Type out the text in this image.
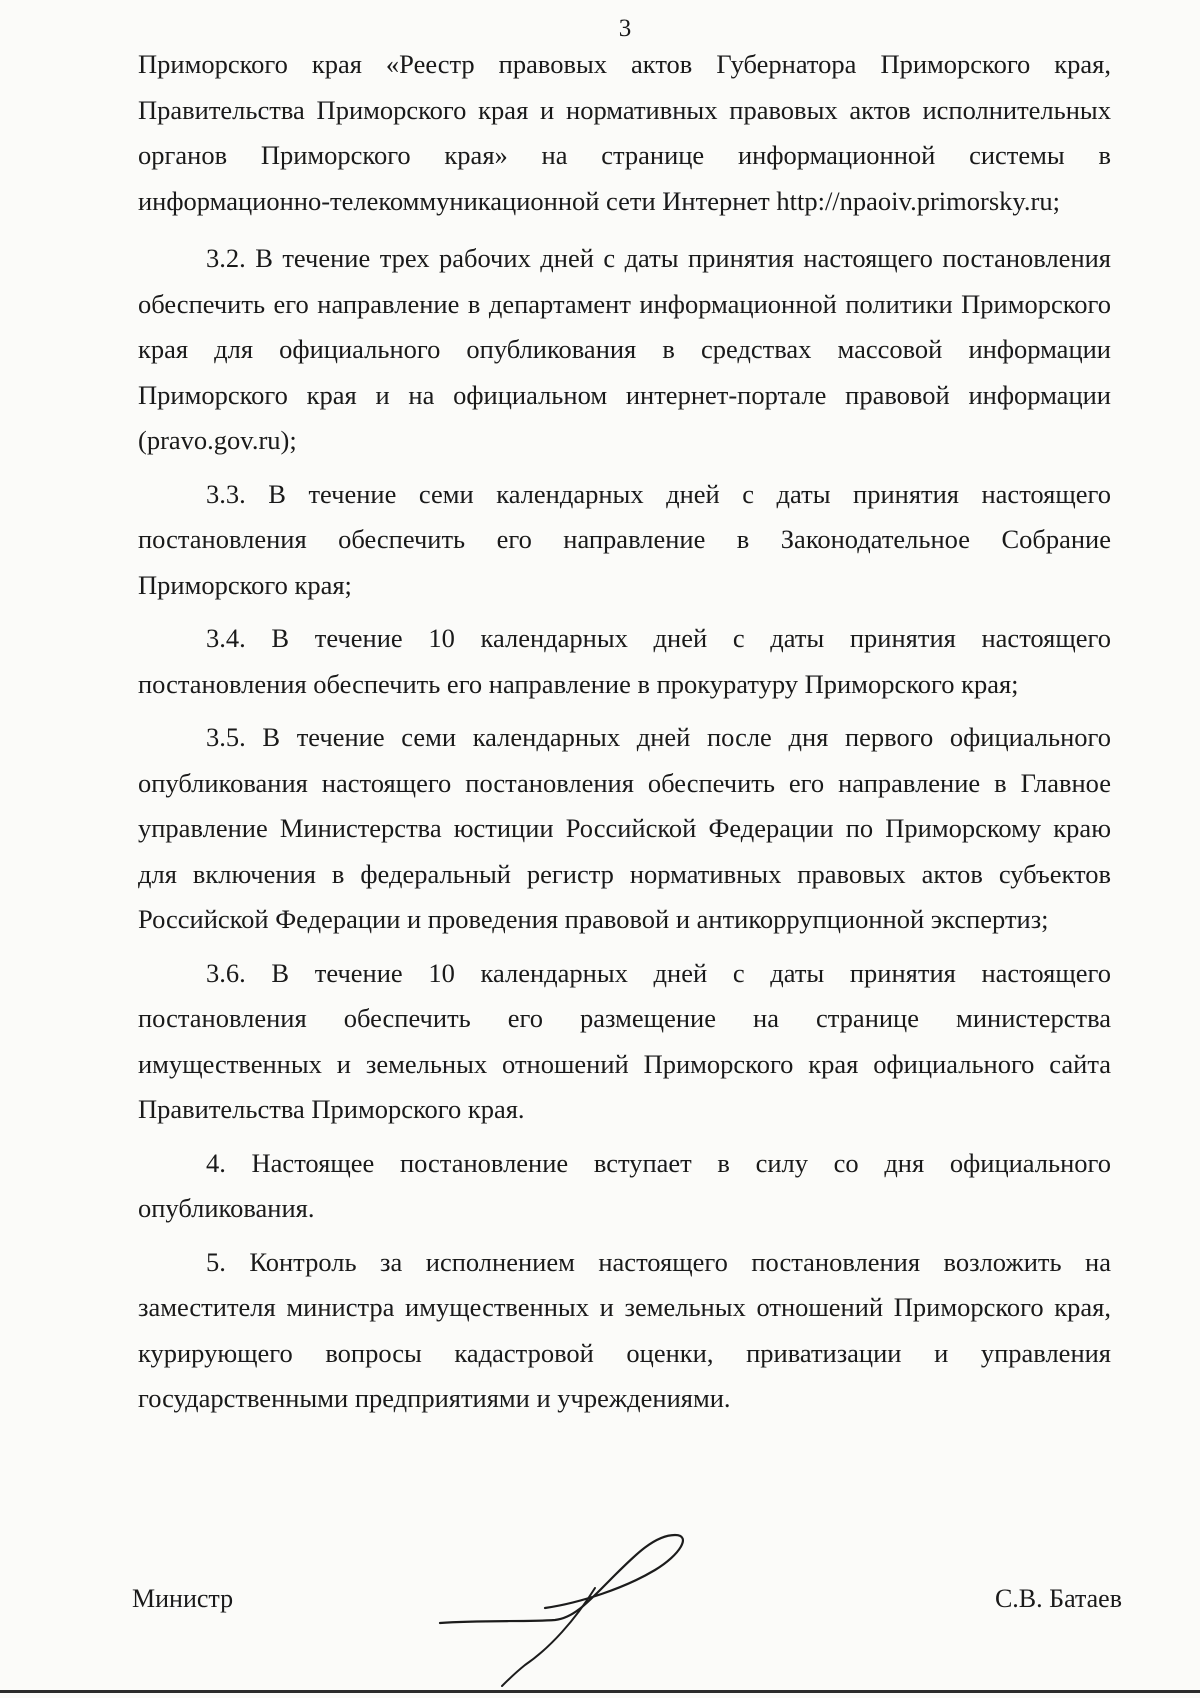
3

Приморского края «Реестр правовых актов Губернатора Приморского края, Правительства Приморского края и нормативных правовых актов исполнительных органов Приморского края» на странице информационной системы в информационно-телекоммуникационной сети Интернет http://npaoiv.primorsky.ru;

3.2. В течение трех рабочих дней с даты принятия настоящего постановления обеспечить его направление в департамент информационной политики Приморского края для официального опубликования в средствах массовой информации Приморского края и на официальном интернет-портале правовой информации (pravo.gov.ru);

3.3. В течение семи календарных дней с даты принятия настоящего постановления обеспечить его направление в Законодательное Собрание Приморского края;

3.4. В течение 10 календарных дней с даты принятия настоящего постановления обеспечить его направление в прокуратуру Приморского края;

3.5. В течение семи календарных дней после дня первого официального опубликования настоящего постановления обеспечить его направление в Главное управление Министерства юстиции Российской Федерации по Приморскому краю для включения в федеральный регистр нормативных правовых актов субъектов Российской Федерации и проведения правовой и антикоррупционной экспертиз;

3.6. В течение 10 календарных дней с даты принятия настоящего постановления обеспечить его размещение на странице министерства имущественных и земельных отношений Приморского края официального сайта Правительства Приморского края.

4. Настоящее постановление вступает в силу со дня официального опубликования.

5. Контроль за исполнением настоящего постановления возложить на заместителя министра имущественных и земельных отношений Приморского края, курирующего вопросы кадастровой оценки, приватизации и управления государственными предприятиями и учреждениями.

Министр	С.В. Батаев
